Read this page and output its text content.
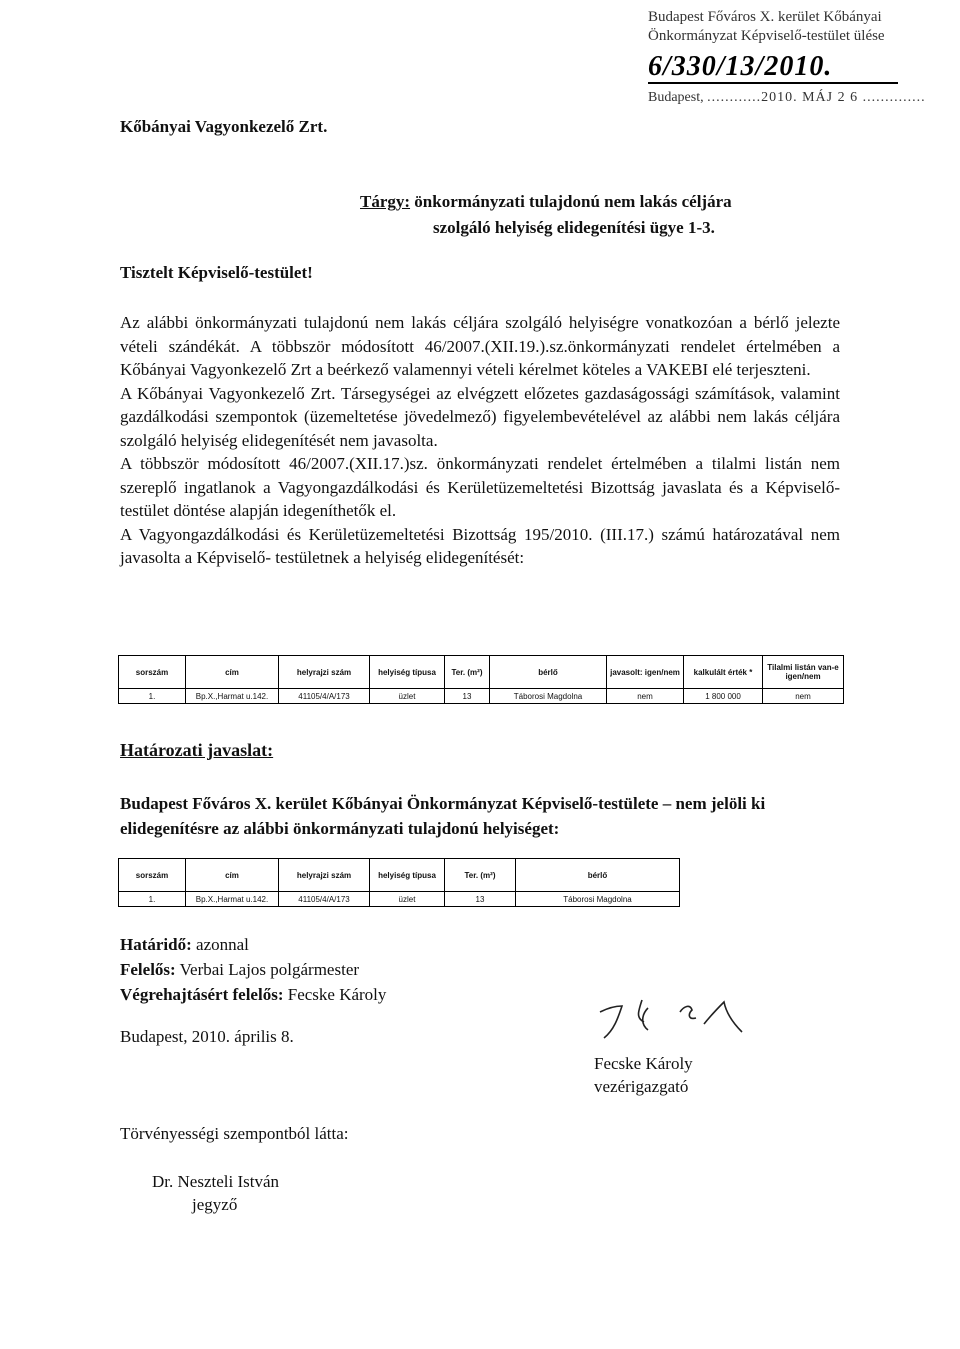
Budapest Főváros X. kerület Kőbányai
Önkormányzat Képviselő-testület ülése
6/330/13/2010.
Budapest, ............2010. MÁJ 2 6 ..............
Kőbányai Vagyonkezelő Zrt.
Tárgy: önkormányzati tulajdonú nem lakás céljára
szolgáló helyiség elidegenítési ügye 1-3.
Tisztelt Képviselő-testület!

Az alábbi önkormányzati tulajdonú nem lakás céljára szolgáló helyiségre vonatkozóan a bérlő jelezte vételi szándékát. A többször módosított 46/2007.(XII.19.).sz.önkormányzati rendelet értelmében a Kőbányai Vagyonkezelő Zrt a beérkező valamennyi vételi kérelmet köteles a VAKEBI elé terjeszteni.

A Kőbányai Vagyonkezelő Zrt. Társegységei az elvégzett előzetes gazdaságossági számítások, valamint gazdálkodási szempontok (üzemeltetése jövedelmező) figyelembevételével az alábbi nem lakás céljára szolgáló helyiség elidegenítését nem javasolta.

A többször módosított 46/2007.(XII.17.)sz. önkormányzati rendelet értelmében a tilalmi listán nem szereplő ingatlanok a Vagyongazdálkodási és Kerületüzemeltetési Bizottság javaslata és a Képviselő-testület döntése alapján idegeníthetők el.

A Vagyongazdálkodási és Kerületüzemeltetési Bizottság 195/2010. (III.17.) számú határozatával nem javasolta a Képviselő- testületnek a helyiség elidegenítését:

sorszám	cím	helyrajzi szám	helyiség típusa	Ter. (m²)	bérlő	javasolt: igen/nem	kalkulált érték *	Tilalmi listán van-e igen/nem
1.	Bp.X.,Harmat u.142.	41105/4/A/173	üzlet	13	Táborosi Magdolna	nem	1 800 000	nem
Határozati javaslat:
Budapest Főváros X. kerület Kőbányai Önkormányzat Képviselő-testülete – nem jelöli ki elidegenítésre az alábbi önkormányzati tulajdonú helyiséget:
sorszám	cím	helyrajzi szám	helyiség típusa	Ter. (m²)	bérlő
1.	Bp.X.,Harmat u.142.	41105/4/A/173	üzlet	13	Táborosi Magdolna
Határidő: azonnal
Felelős: Verbai Lajos polgármester
Végrehajtásért felelős: Fecske Károly
Budapest, 2010. április 8.
Fecske Károly
vezérigazgató
Törvényességi szempontból látta:
Dr. Neszteli István
jegyző
